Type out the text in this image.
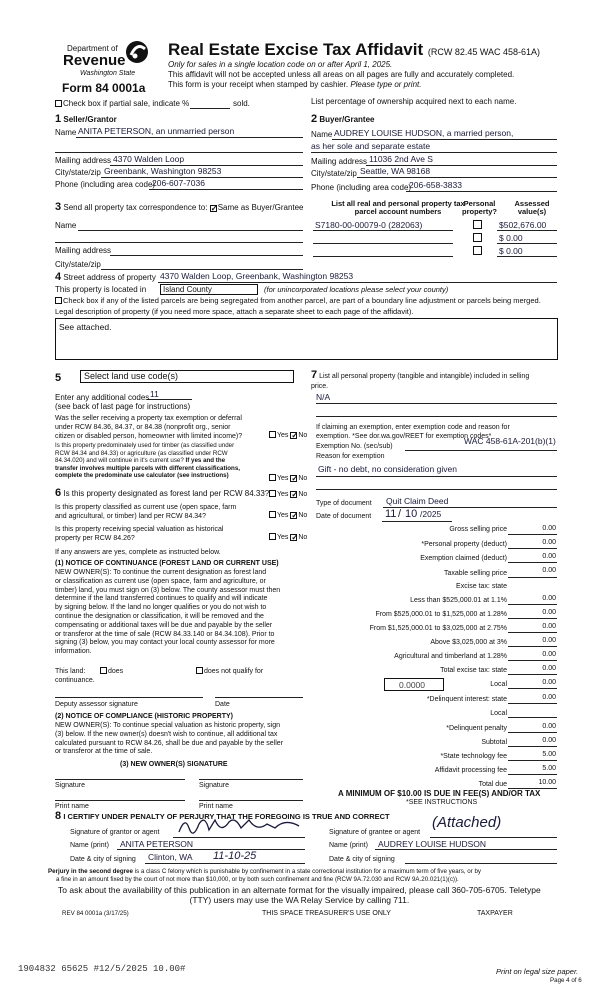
Department of
Revenue
Washington State
Form 84 0001a
Real Estate Excise Tax Affidavit (RCW 82.45 WAC 458-61A)
Only for sales in a single location code on or after April 1, 2025.
This affidavit will not be accepted unless all areas on all pages are fully and accurately completed.
This form is your receipt when stamped by cashier. Please type or print.
Check box if partial sale, indicate %	sold.	List percentage of ownership acquired next to each name.
1 Seller/Grantor
Name ANITA PETERSON, an unmarried person
Mailing address 4370 Walden Loop
City/state/zip Greenbank, Washington 98253
Phone (including area code)
206-607-7036
2 Buyer/Grantee
Name AUDREY LOUISE HUDSON, a married person,
as her sole and separate estate
Mailing address 11036 2nd Ave S
City/state/zip Seattle, WA 98168
Phone (including area code)
206-658-3833
3 Send all property tax correspondence to: ✓ Same as Buyer/Grantee
Name
Mailing address
City/state/zip
List all real and personal property tax
parcel account numbers
Personal
property?
Assessed
value(s)
S7180-00-00079-0 (282063)	$502,676.00
$ 0.00
$ 0.00
4 Street address of property 4370 Walden Loop, Greenbank, Washington 98253
This property is located in Island County	(for unincorporated locations please select your county)
Check box if any of the listed parcels are being segregated from another parcel, are part of a boundary line adjustment or parcels being merged.
Legal description of property (if you need more space, attach a separate sheet to each page of the affidavit).
See attached.
5	Select land use code(s)
Enter any additional codes 11
(see back of last page for instructions)
Was the seller receiving a property tax exemption or deferral
under RCW 84.36, 84.37, or 84.38 (nonprofit org., senior
citizen or disabled person, homeowner with limited income)?	Yes ✓ No
Is this property predominately used for timber (as classified under
RCW 84.34 and 84.33) or agriculture (as classified under RCW
84.34.020) and will continue in it's current use? If yes and the
transfer involves multiple parcels with different classifications,
complete the predominate use calculator (see instructions)	Yes ✓ No
6 Is this property designated as forest land per RCW 84.33?	Yes ✓ No
Is this property classified as current use (open space, farm
and agricultural, or timber) land per RCW 84.34?	Yes ✓ No
Is this property receiving special valuation as historical
property per RCW 84.26?	Yes ✓ No
If any answers are yes, complete as instructed below.
(1) NOTICE OF CONTINUANCE (FOREST LAND OR CURRENT USE)
NEW OWNER(S): To continue the current designation as forest land
or classification as current use (open space, farm and agriculture, or
timber) land, you must sign on (3) below. The county assessor must then
determine if the land transferred continues to qualify and will indicate
by signing below. If the land no longer qualifies or you do not wish to
continue the designation or classification, it will be removed and the
compensating or additional taxes will be due and payable by the seller
or transferor at the time of sale (RCW 84.33.140 or 84.34.108). Prior to
signing (3) below, you may contact your local county assessor for more
information.
This land:
continuance.
does	does not qualify for
Deputy assessor signature	Date
(2) NOTICE OF COMPLIANCE (HISTORIC PROPERTY)
NEW OWNER(S): To continue special valuation as historic property, sign
(3) below. If the new owner(s) doesn't wish to continue, all additional tax
calculated pursuant to RCW 84.26, shall be due and payable by the seller
or transferor at the time of sale.
(3) NEW OWNER(S) SIGNATURE
Signature	Signature
Print name	Print name
7 List all personal property (tangible and intangible) included in selling
price.
N/A
If claiming an exemption, enter exemption code and reason for
exemption. *See dor.wa.gov/REET for exemption codes*
Exemption No. (sec/sub)
WAC 458-61A-201(b)(1)
Reason for exemption
Gift - no debt, no consideration given
Type of document Quit Claim Deed
Date of document 11 / 10 /2025
Gross selling price	0.00
*Personal property (deduct)	0.00
Exemption claimed (deduct)	0.00
Taxable selling price	0.00
Excise tax: state
Less than $525,000.01 at 1.1%	0.00
From $525,000.01 to $1,525,000 at 1.28%	0.00
From $1,525,000.01 to $3,025,000 at 2.75%	0.00
Above $3,025,000 at 3%	0.00
Agricultural and timberland at 1.28%	0.00
Total excise tax: state	0.00
0.0000	Local	0.00
*Delinquent interest: state	0.00
Local
*Delinquent penalty	0.00
Subtotal	0.00
*State technology fee	5.00
Affidavit processing fee	5.00
Total due	10.00
A MINIMUM OF $10.00 IS DUE IN FEE(S) AND/OR TAX
*SEE INSTRUCTIONS
8 I CERTIFY UNDER PENALTY OF PERJURY THAT THE FOREGOING IS TRUE AND CORRECT
Signature of grantor or agent	Signature of grantee or agent
(Attached)
Name (print) ANITA PETERSON	Name (print) AUDREY LOUISE HUDSON
Date & city of signing Clinton, WA 11-10-25	Date & city of signing
Perjury in the second degree is a class C felony which is punishable by confinement in a state correctional institution for a maximum term of five years, or by
a fine in an amount fixed by the court of not more than $10,000, or by both such confinement and fine (RCW 9A.72.030 and RCW 9A.20.021(1)(c)).
To ask about the availability of this publication in an alternate format for the visually impaired, please call 360-705-6705. Teletype
(TTY) users may use the WA Relay Service by calling 711.
REV 84 0001a (3/17/25)	THIS SPACE TREASURER'S USE ONLY	TAXPAYER
1904832 65625 #12/5/2025 10.00#	Print on legal size paper.
Page 4 of 6
